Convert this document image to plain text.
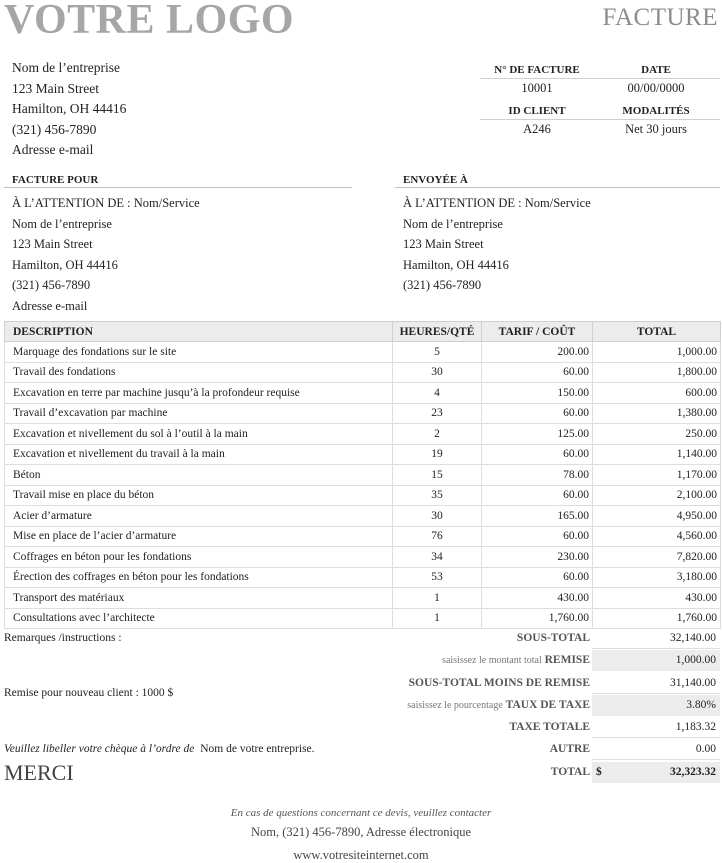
VOTRE LOGO	FACTURE
Nom de l’entreprise
123 Main Street
Hamilton, OH 44416
(321) 456-7890
Adresse e-mail
N° DE FACTURE	DATE
10001	00/00/0000
ID CLIENT	MODALITÉS
A246	Net 30 jours
FACTURE POUR
À L’ATTENTION DE : Nom/Service
Nom de l’entreprise
123 Main Street
Hamilton, OH 44416
(321) 456-7890
Adresse e-mail
ENVOYÉE À
À L’ATTENTION DE : Nom/Service
Nom de l’entreprise
123 Main Street
Hamilton, OH 44416
(321) 456-7890
DESCRIPTION	HEURES/QTÉ	TARIF / COÛT	TOTAL
Marquage des fondations sur le site	5	200.00	1,000.00
Travail des fondations	30	60.00	1,800.00
Excavation en terre par machine jusqu’à la profondeur requise	4	150.00	600.00
Travail d’excavation par machine	23	60.00	1,380.00
Excavation et nivellement du sol à l’outil à la main	2	125.00	250.00
Excavation et nivellement du travail à la main	19	60.00	1,140.00
Béton	15	78.00	1,170.00
Travail mise en place du béton	35	60.00	2,100.00
Acier d’armature	30	165.00	4,950.00
Mise en place de l’acier d’armature	76	60.00	4,560.00
Coffrages en béton pour les fondations	34	230.00	7,820.00
Érection des coffrages en béton pour les fondations	53	60.00	3,180.00
Transport des matériaux	1	430.00	430.00
Consultations avec l’architecte	1	1,760.00	1,760.00
Remarques /instructions :
Remise pour nouveau client : 1000 $
Veuillez libeller votre chèque à l’ordre de Nom de votre entreprise.
MERCI
SOUS-TOTAL	32,140.00
saisissez le montant total REMISE	1,000.00
SOUS-TOTAL MOINS DE REMISE	31,140.00
saisissez le pourcentage TAUX DE TAXE	3.80%
TAXE TOTALE	1,183.32
AUTRE	0.00
TOTAL $	32,323.32
En cas de questions concernant ce devis, veuillez contacter
Nom, (321) 456-7890, Adresse électronique
www.votresiteinternet.com
